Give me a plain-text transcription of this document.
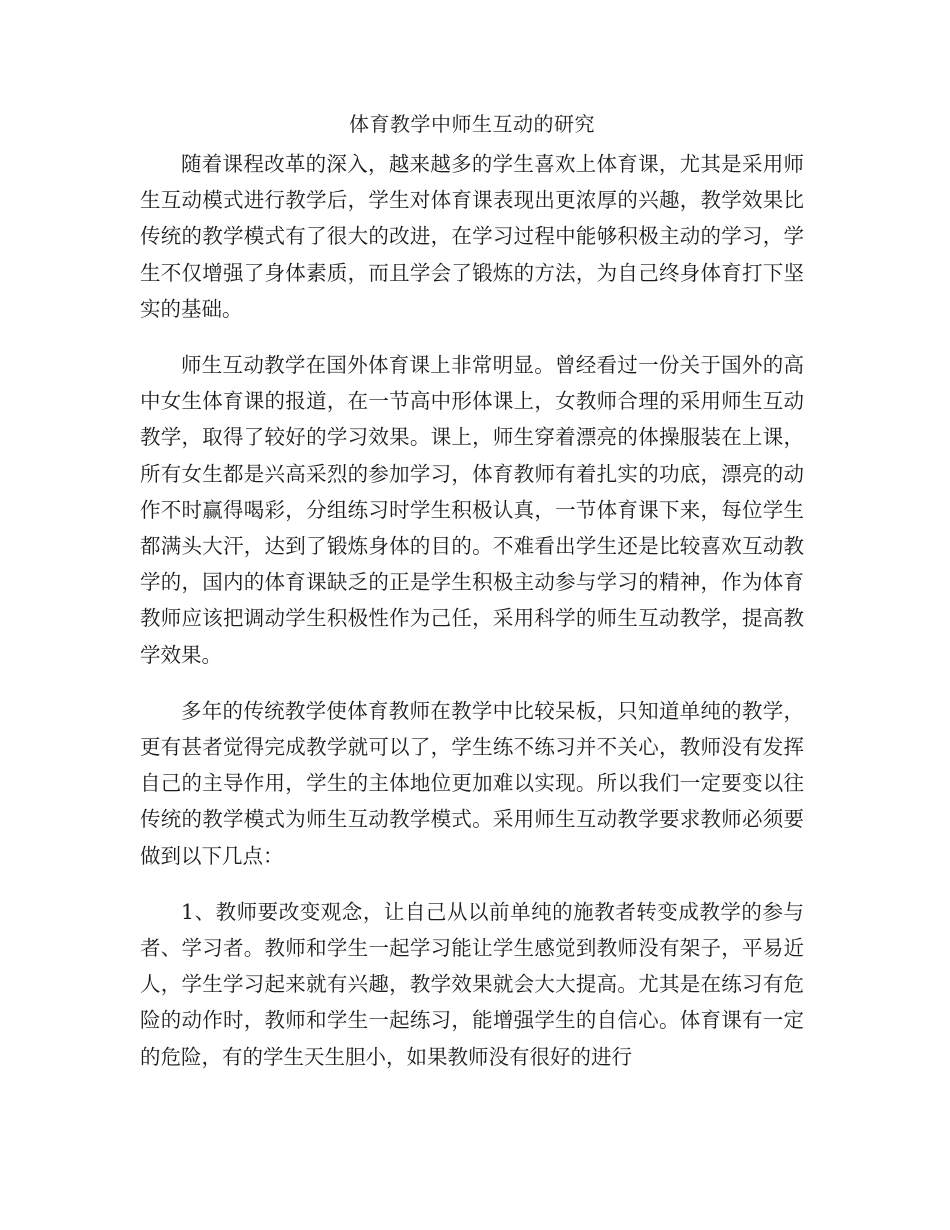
体育教学中师生互动的研究

随着课程改革的深入，越来越多的学生喜欢上体育课，尤其是采用师生互动模式进行教学后，学生对体育课表现出更浓厚的兴趣，教学效果比传统的教学模式有了很大的改进，在学习过程中能够积极主动的学习，学生不仅增强了身体素质，而且学会了锻炼的方法，为自己终身体育打下坚实的基础。

师生互动教学在国外体育课上非常明显。曾经看过一份关于国外的高中女生体育课的报道，在一节高中形体课上，女教师合理的采用师生互动教学，取得了较好的学习效果。课上，师生穿着漂亮的体操服装在上课，所有女生都是兴高采烈的参加学习，体育教师有着扎实的功底，漂亮的动作不时赢得喝彩，分组练习时学生积极认真，一节体育课下来，每位学生都满头大汗，达到了锻炼身体的目的。不难看出学生还是比较喜欢互动教学的，国内的体育课缺乏的正是学生积极主动参与学习的精神，作为体育教师应该把调动学生积极性作为己任，采用科学的师生互动教学，提高教学效果。

多年的传统教学使体育教师在教学中比较呆板，只知道单纯的教学，更有甚者觉得完成教学就可以了，学生练不练习并不关心，教师没有发挥自己的主导作用，学生的主体地位更加难以实现。所以我们一定要变以往传统的教学模式为师生互动教学模式。采用师生互动教学要求教师必须要做到以下几点：

1、教师要改变观念，让自己从以前单纯的施教者转变成教学的参与者、学习者。教师和学生一起学习能让学生感觉到教师没有架子，平易近人，学生学习起来就有兴趣，教学效果就会大大提高。尤其是在练习有危险的动作时，教师和学生一起练习，能增强学生的自信心。体育课有一定的危险，有的学生天生胆小，如果教师没有很好的进行
